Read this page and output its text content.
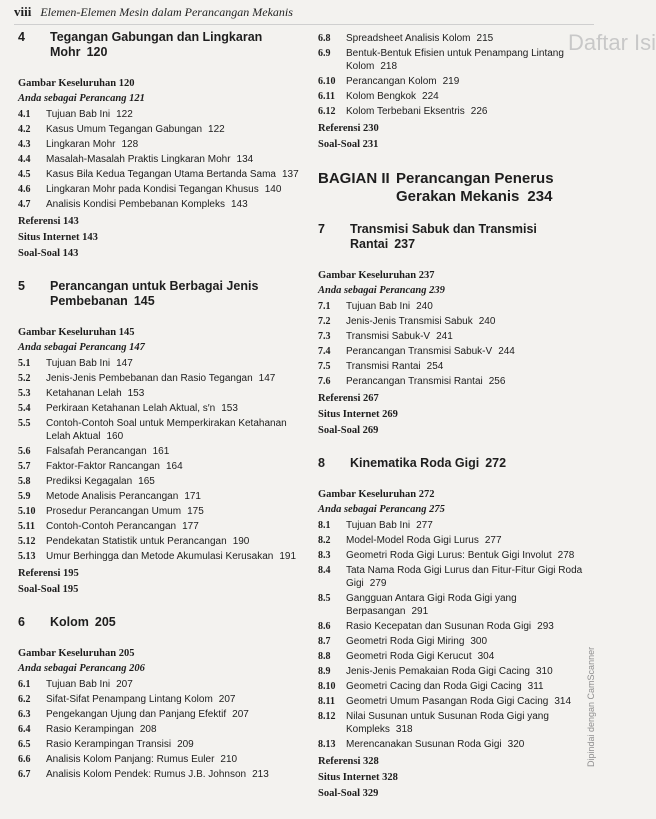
viii Elemen-Elemen Mesin dalam Perancangan Mekanis
4	Tegangan Gabungan dan Lingkaran Mohr 120
Gambar Keseluruhan 120
Anda sebagai Perancang 121
4.1	Tujuan Bab Ini 122
4.2	Kasus Umum Tegangan Gabungan 122
4.3	Lingkaran Mohr 128
4.4	Masalah-Masalah Praktis Lingkaran Mohr 134
4.5	Kasus Bila Kedua Tegangan Utama Bertanda Sama 137
4.6	Lingkaran Mohr pada Kondisi Tegangan Khusus 140
4.7	Analisis Kondisi Pembebanan Kompleks 143
Referensi 143
Situs Internet 143
Soal-Soal 143
5	Perancangan untuk Berbagai Jenis Pembebanan 145
Gambar Keseluruhan 145
Anda sebagai Perancang 147
5.1	Tujuan Bab Ini 147
5.2	Jenis-Jenis Pembebanan dan Rasio Tegangan 147
5.3	Ketahanan Lelah 153
5.4	Perkiraan Ketahanan Lelah Aktual, s′n 153
5.5	Contoh-Contoh Soal untuk Memperkirakan Ketahanan Lelah Aktual 160
5.6	Falsafah Perancangan 161
5.7	Faktor-Faktor Rancangan 164
5.8	Prediksi Kegagalan 165
5.9	Metode Analisis Perancangan 171
5.10	Prosedur Perancangan Umum 175
5.11	Contoh-Contoh Perancangan 177
5.12	Pendekatan Statistik untuk Perancangan 190
5.13	Umur Berhingga dan Metode Akumulasi Kerusakan 191
Referensi 195
Soal-Soal 195
6	Kolom 205
Gambar Keseluruhan 205
Anda sebagai Perancang 206
6.1	Tujuan Bab Ini 207
6.2	Sifat-Sifat Penampang Lintang Kolom 207
6.3	Pengekangan Ujung dan Panjang Efektif 207
6.4	Rasio Kerampingan 208
6.5	Rasio Kerampingan Transisi 209
6.6	Analisis Kolom Panjang: Rumus Euler 210
6.7	Analisis Kolom Pendek: Rumus J.B. Johnson 213
6.8	Spreadsheet Analisis Kolom 215
6.9	Bentuk-Bentuk Efisien untuk Penampang Lintang Kolom 218
6.10	Perancangan Kolom 219
6.11	Kolom Bengkok 224
6.12	Kolom Terbebani Eksentris 226
Referensi 230
Soal-Soal 231
BAGIAN II Perancangan Penerus Gerakan Mekanis 234
7	Transmisi Sabuk dan Transmisi Rantai 237
Gambar Keseluruhan 237
Anda sebagai Perancang 239
7.1	Tujuan Bab Ini 240
7.2	Jenis-Jenis Transmisi Sabuk 240
7.3	Transmisi Sabuk-V 241
7.4	Perancangan Transmisi Sabuk-V 244
7.5	Transmisi Rantai 254
7.6	Perancangan Transmisi Rantai 256
Referensi 267
Situs Internet 269
Soal-Soal 269
8	Kinematika Roda Gigi 272
Gambar Keseluruhan 272
Anda sebagai Perancang 275
8.1	Tujuan Bab Ini 277
8.2	Model-Model Roda Gigi Lurus 277
8.3	Geometri Roda Gigi Lurus: Bentuk Gigi Involut 278
8.4	Tata Nama Roda Gigi Lurus dan Fitur-Fitur Gigi Roda Gigi 279
8.5	Gangguan Antara Gigi Roda Gigi yang Berpasangan 291
8.6	Rasio Kecepatan dan Susunan Roda Gigi 293
8.7	Geometri Roda Gigi Miring 300
8.8	Geometri Roda Gigi Kerucut 304
8.9	Jenis-Jenis Pemakaian Roda Gigi Cacing 310
8.10	Geometri Cacing dan Roda Gigi Cacing 311
8.11	Geometri Umum Pasangan Roda Gigi Cacing 314
8.12	Nilai Susunan untuk Susunan Roda Gigi yang Kompleks 318
8.13	Merencanakan Susunan Roda Gigi 320
Referensi 328
Situs Internet 328
Soal-Soal 329
Daftar Isi
Dipindai dengan CamScanner
